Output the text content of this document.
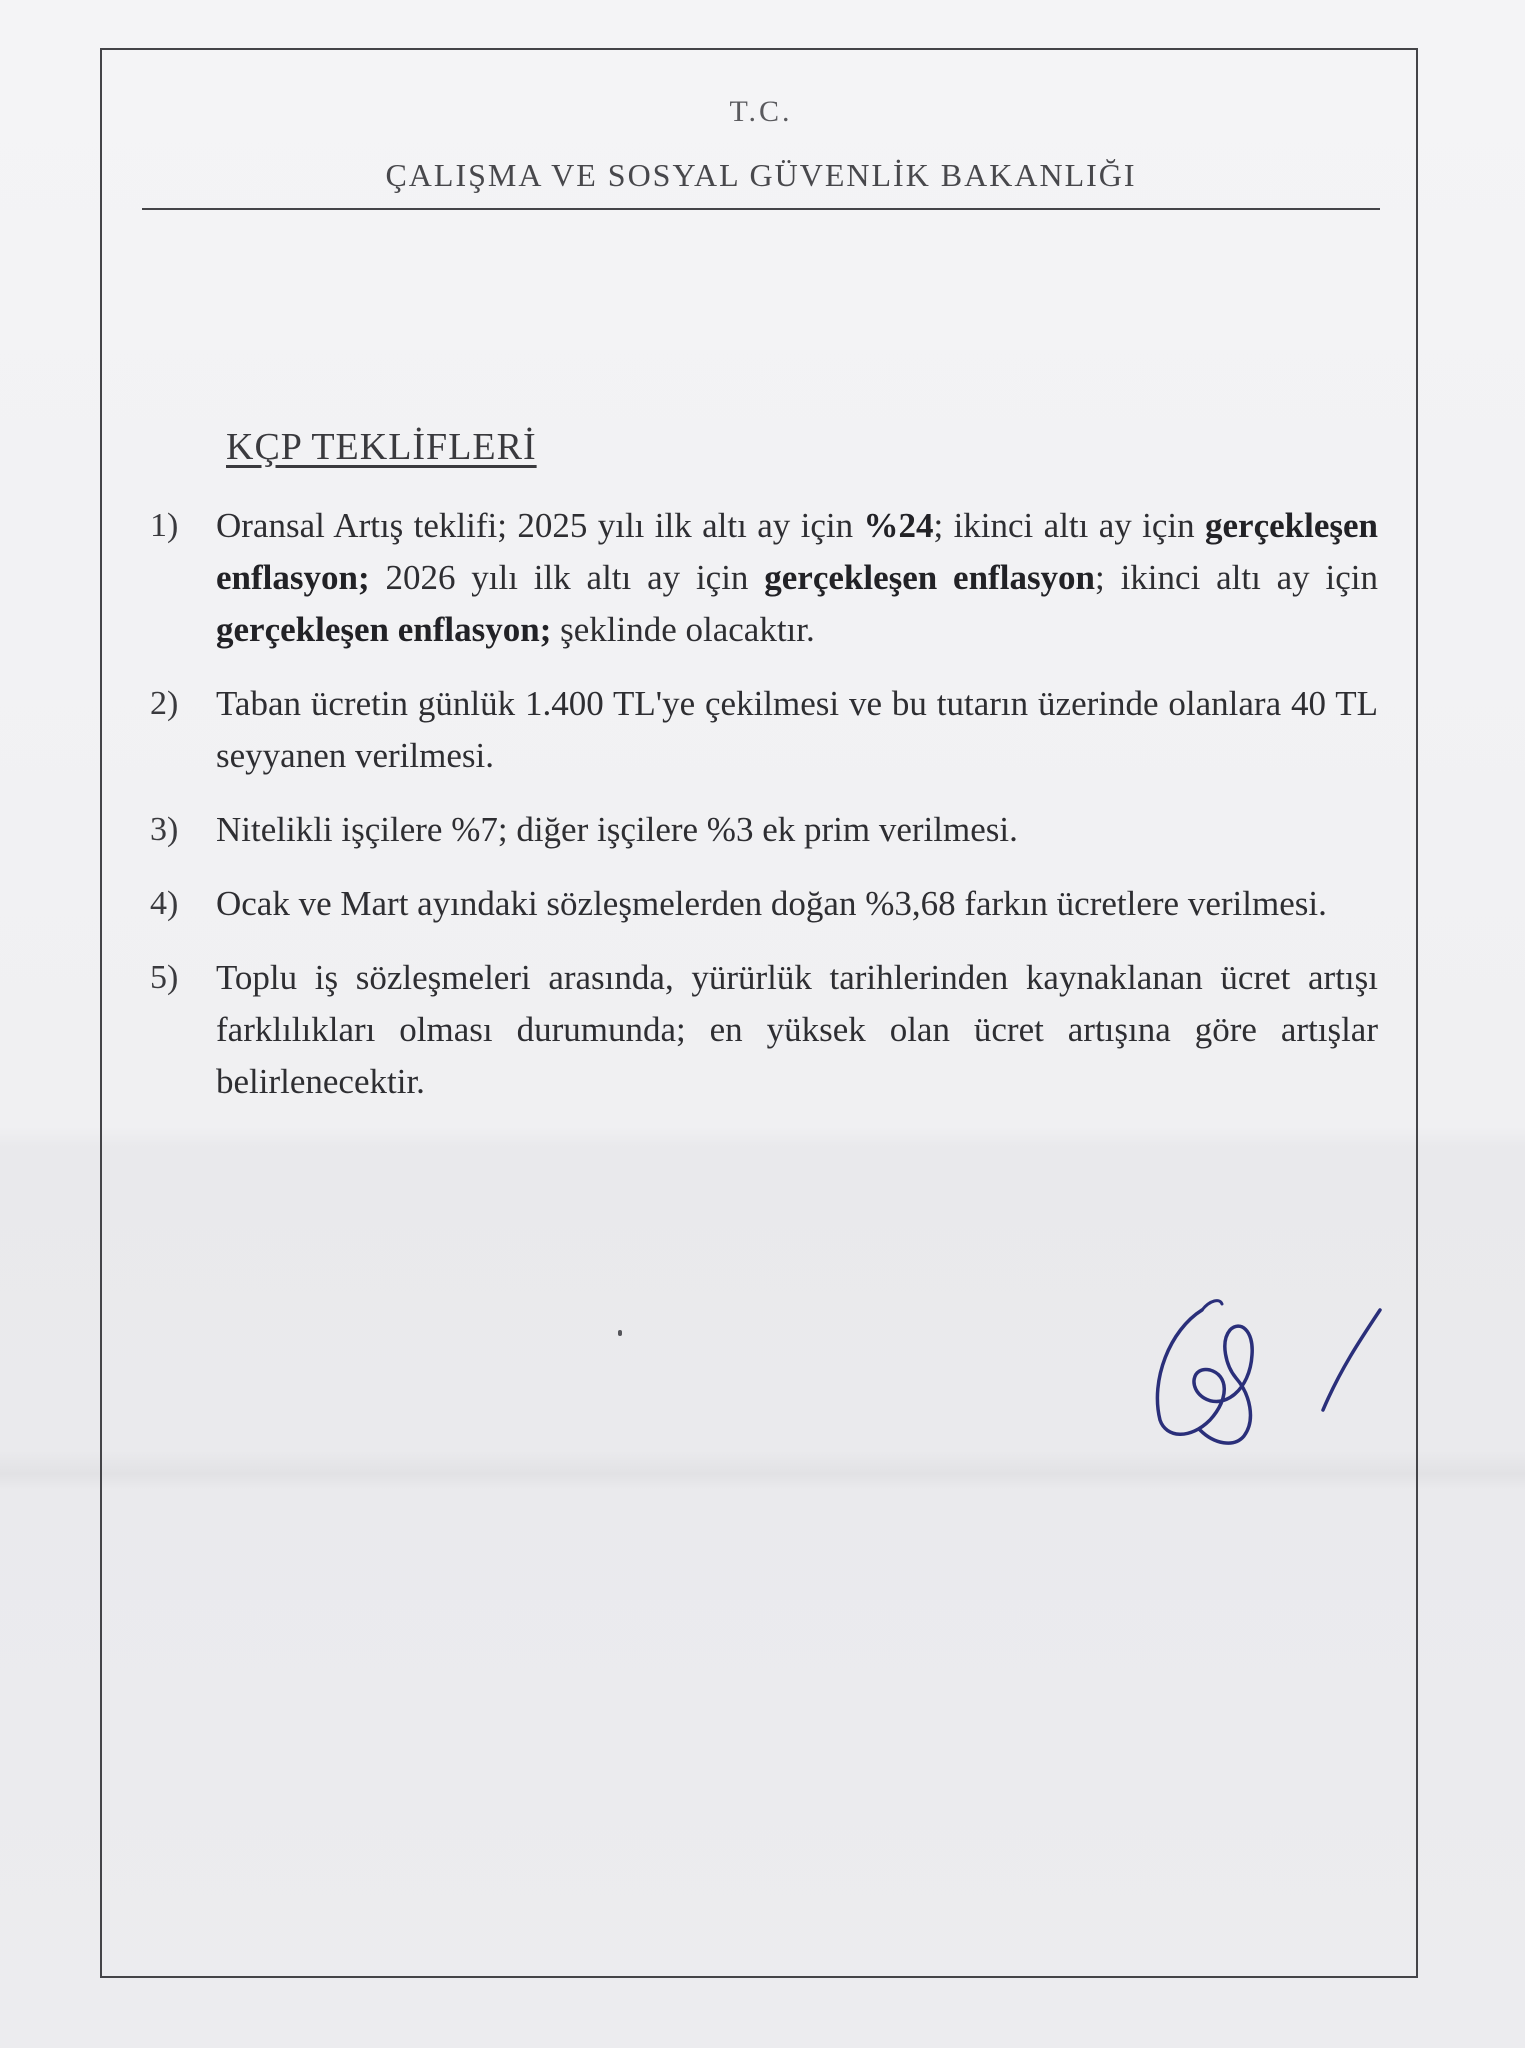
T.C.
ÇALIŞMA VE SOSYAL GÜVENLİK BAKANLIĞI
KÇP TEKLİFLERİ
1)	Oransal Artış teklifi; 2025 yılı ilk altı ay için %24; ikinci altı ay için gerçekleşen enflasyon; 2026 yılı ilk altı ay için gerçekleşen enflasyon; ikinci altı ay için gerçekleşen enflasyon; şeklinde olacaktır.
2)	Taban ücretin günlük 1.400 TL'ye çekilmesi ve bu tutarın üzerinde olanlara 40 TL seyyanen verilmesi.
3)	Nitelikli işçilere %7; diğer işçilere %3 ek prim verilmesi.
4)	Ocak ve Mart ayındaki sözleşmelerden doğan %3,68 farkın ücretlere verilmesi.
5)	Toplu iş sözleşmeleri arasında, yürürlük tarihlerinden kaynaklanan ücret artışı farklılıkları olması durumunda; en yüksek olan ücret artışına göre artışlar belirlenecektir.
